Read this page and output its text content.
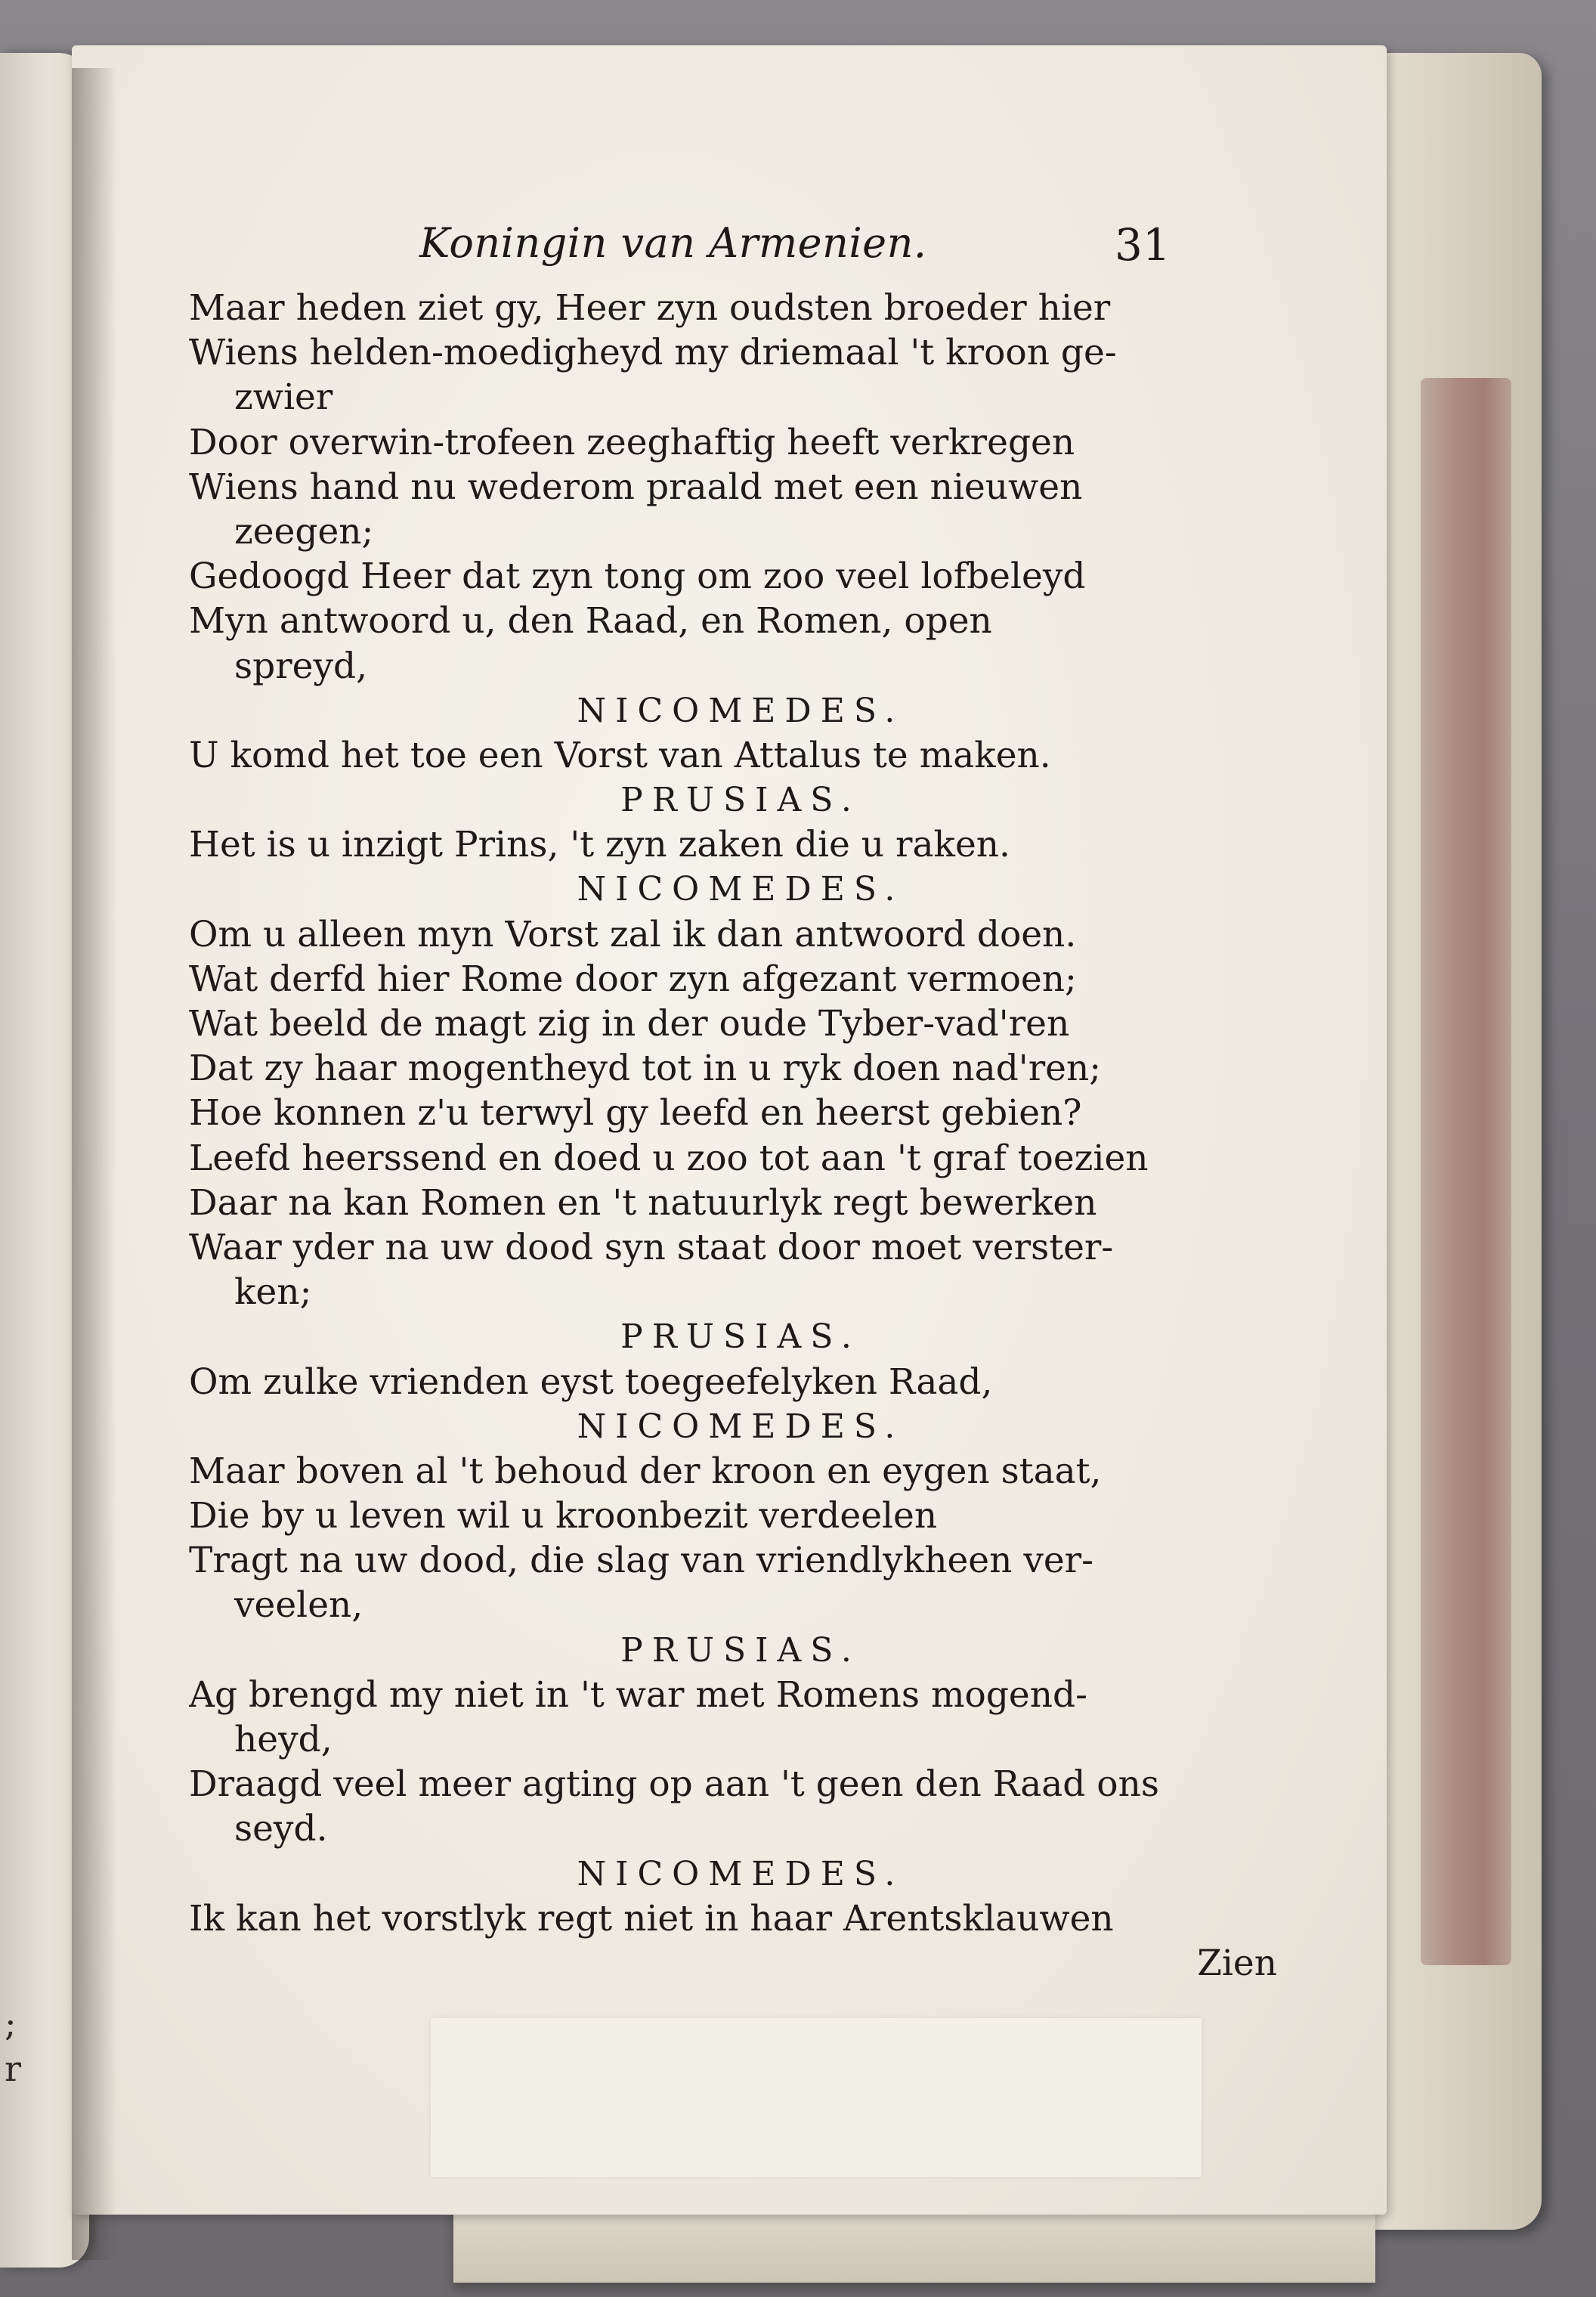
;
r
Koningin van Armenien.	31
Maar heden ziet gy, Heer zyn oudsten broeder hier
Wiens helden-moedigheyd my driemaal 't kroon ge-
zwier
Door overwin-trofeen zeeghaftig heeft verkregen
Wiens hand nu wederom praald met een nieuwen
zeegen;
Gedoogd Heer dat zyn tong om zoo veel lofbeleyd
Myn antwoord u, den Raad, en Romen, open
spreyd,
NICOMEDES.
U komd het toe een Vorst van Attalus te maken.
PRUSIAS.
Het is u inzigt Prins, 't zyn zaken die u raken.
NICOMEDES.
Om u alleen myn Vorst zal ik dan antwoord doen.
Wat derfd hier Rome door zyn afgezant vermoen;
Wat beeld de magt zig in der oude Tyber-vad'ren
Dat zy haar mogentheyd tot in u ryk doen nad'ren;
Hoe konnen z'u terwyl gy leefd en heerst gebien?
Leefd heerssend en doed u zoo tot aan 't graf toezien
Daar na kan Romen en 't natuurlyk regt bewerken
Waar yder na uw dood syn staat door moet verster-
ken;
PRUSIAS.
Om zulke vrienden eyst toegeefelyken Raad,
NICOMEDES.
Maar boven al 't behoud der kroon en eygen staat,
Die by u leven wil u kroonbezit verdeelen
Tragt na uw dood, die slag van vriendlykheen ver-
veelen,
PRUSIAS.
Ag brengd my niet in 't war met Romens mogend-
heyd,
Draagd veel meer agting op aan 't geen den Raad ons
seyd.
NICOMEDES.
Ik kan het vorstlyk regt niet in haar Arentsklauwen
Zien
